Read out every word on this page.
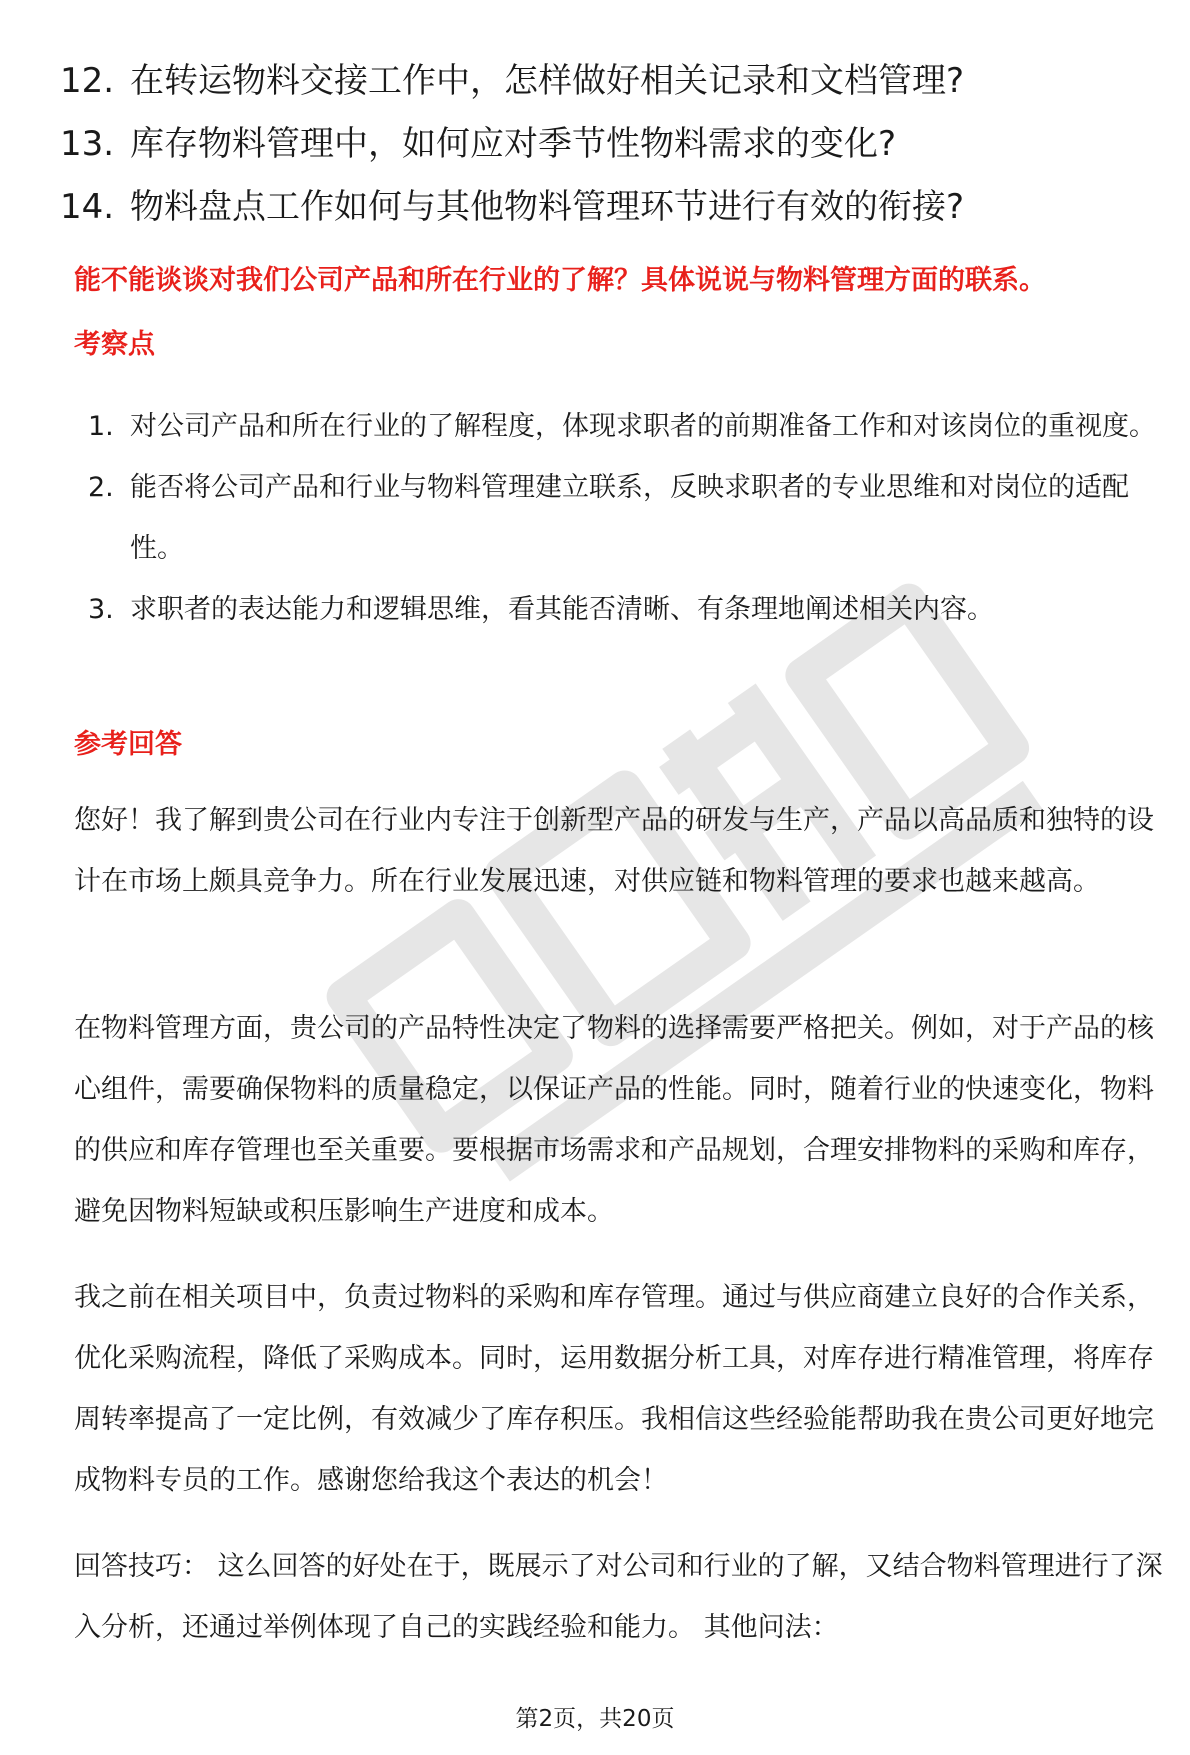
12. 在转运物料交接工作中，怎样做好相关记录和文档管理?
13. 库存物料管理中，如何应对季节性物料需求的变化?
14. 物料盘点工作如何与其他物料管理环节进行有效的衔接?
能不能谈谈对我们公司产品和所在行业的了解？具体说说与物料管理方面的联系。
考察点
1. 对公司产品和所在行业的了解程度，体现求职者的前期准备工作和对该岗位的重视度。
2. 能否将公司产品和行业与物料管理建立联系，反映求职者的专业思维和对岗位的适配性。
3. 求职者的表达能力和逻辑思维，看其能否清晰、有条理地阐述相关内容。
参考回答

您好！我了解到贵公司在行业内专注于创新型产品的研发与生产，产品以高品质和独特的设计在市场上颇具竞争力。所在行业发展迅速，对供应链和物料管理的要求也越来越高。

在物料管理方面，贵公司的产品特性决定了物料的选择需要严格把关。例如，对于产品的核心组件，需要确保物料的质量稳定，以保证产品的性能。同时，随着行业的快速变化，物料的供应和库存管理也至关重要。要根据市场需求和产品规划，合理安排物料的采购和库存，避免因物料短缺或积压影响生产进度和成本。

我之前在相关项目中，负责过物料的采购和库存管理。通过与供应商建立良好的合作关系，优化采购流程，降低了采购成本。同时，运用数据分析工具，对库存进行精准管理，将库存周转率提高了一定比例，有效减少了库存积压。我相信这些经验能帮助我在贵公司更好地完成物料专员的工作。感谢您给我这个表达的机会！

回答技巧： 这么回答的好处在于，既展示了对公司和行业的了解，又结合物料管理进行了深入分析，还通过举例体现了自己的实践经验和能力。 其他问法：

第2页，共20页
